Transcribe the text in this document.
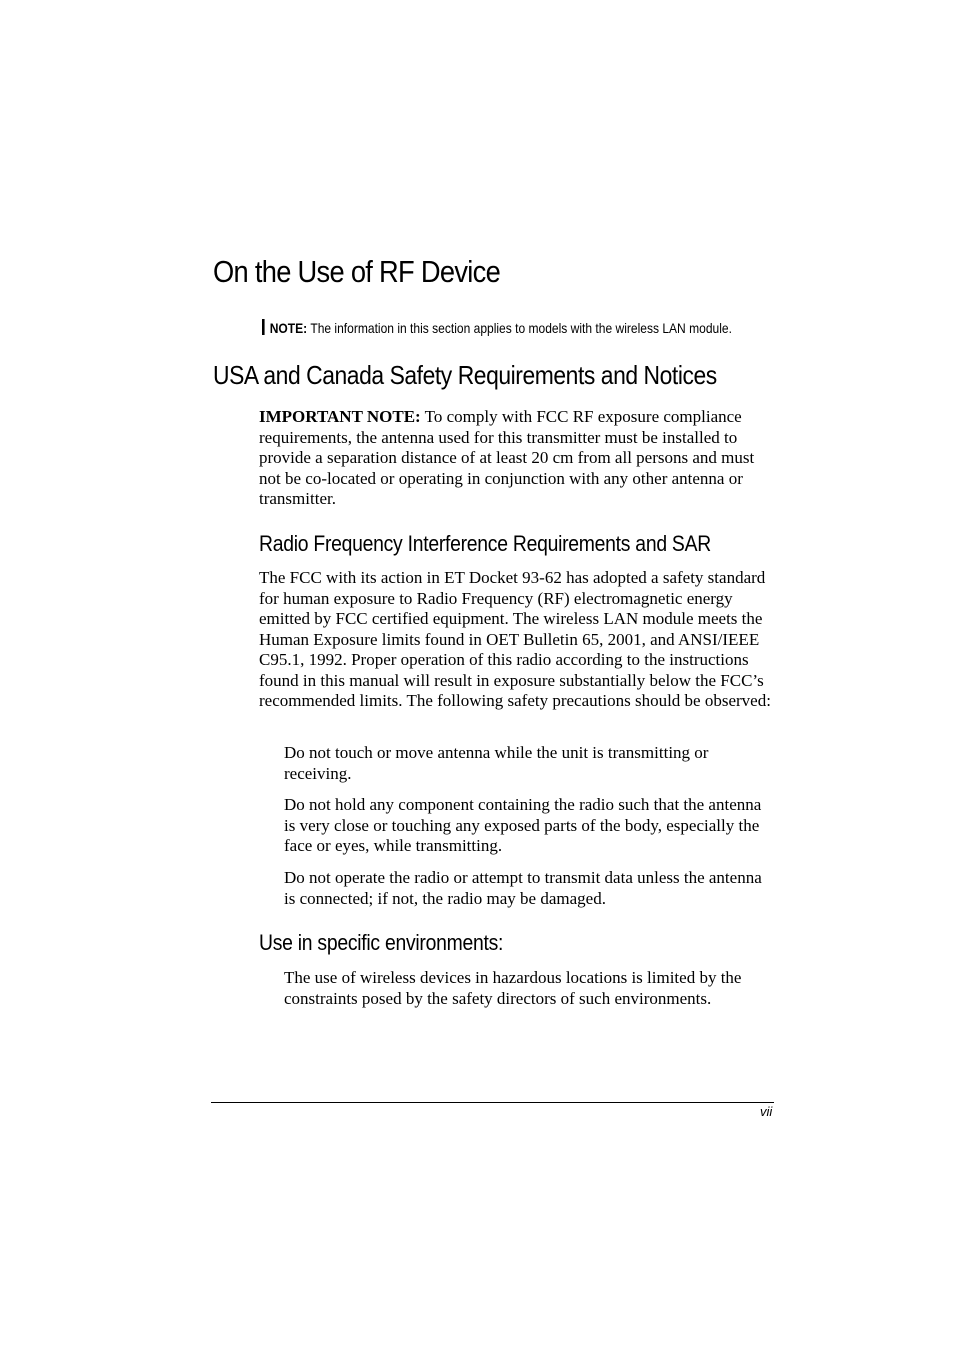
On the Use of RF Device
NOTE: The information in this section applies to models with the wireless LAN module.
USA and Canada Safety Requirements and Notices

IMPORTANT NOTE: To comply with FCC RF exposure compliance requirements, the antenna used for this transmitter must be installed to provide a separation distance of at least 20 cm from all persons and must not be co-located or operating in conjunction with any other antenna or transmitter.

Radio Frequency Interference Requirements and SAR

The FCC with its action in ET Docket 93-62 has adopted a safety standard for human exposure to Radio Frequency (RF) electromagnetic energy emitted by FCC certified equipment. The wireless LAN module meets the Human Exposure limits found in OET Bulletin 65, 2001, and ANSI/IEEE C95.1, 1992. Proper operation of this radio according to the instructions found in this manual will result in exposure substantially below the FCC’s recommended limits. The following safety precautions should be observed:

Do not touch or move antenna while the unit is transmitting or receiving.

Do not hold any component containing the radio such that the antenna is very close or touching any exposed parts of the body, especially the face or eyes, while transmitting.

Do not operate the radio or attempt to transmit data unless the antenna is connected; if not, the radio may be damaged.

Use in specific environments:

The use of wireless devices in hazardous locations is limited by the constraints posed by the safety directors of such environments.

vii
